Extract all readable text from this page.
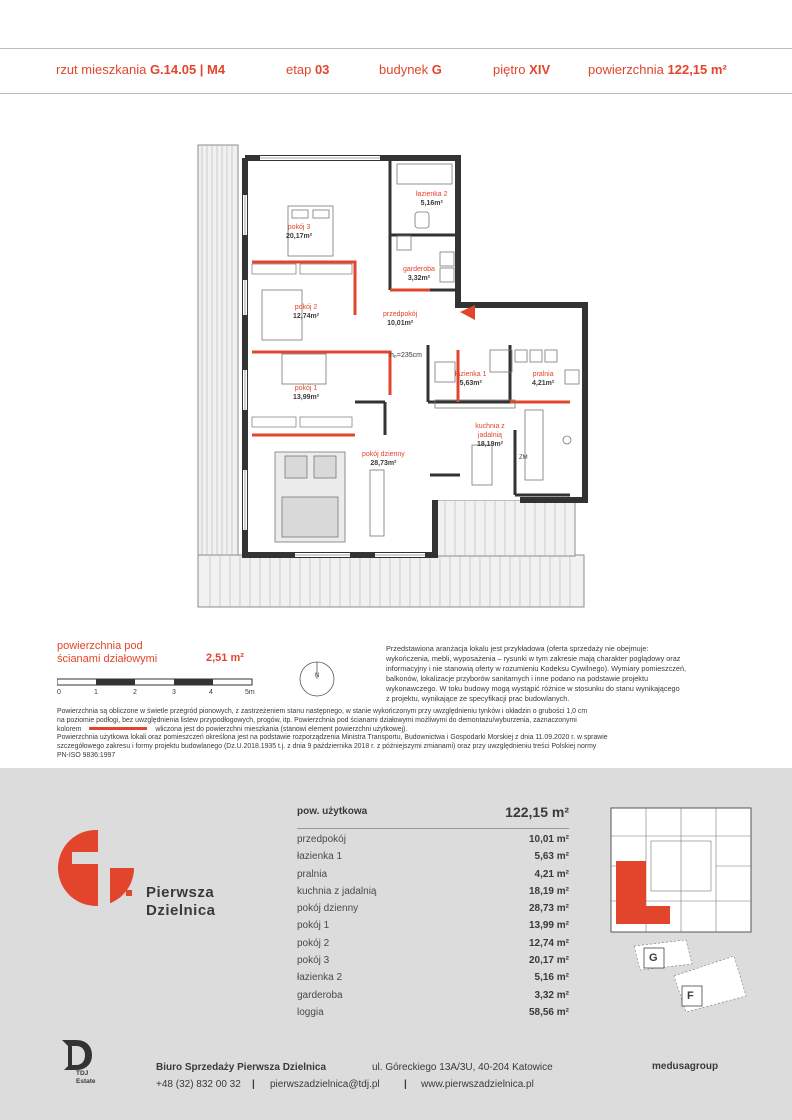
rzut mieszkania G.14.05 | M4	etap 03	budynek G	piętro XIV	powierzchnia 122,15 m²
łazienka 2
5,16m²
pokój 3
20,17m²
garderoba
3,32m²
pokój 2
12,74m²	przedpokój
10,01m²
łazienka 1
5,63m²
pralnia
4,21m²
pokój 1
13,99m²
kuchnia z jadalnią
18,19m²
pokój dzienny
28,73m²
hₚ=235cm
ZM
powierzchnia pod
ścianami działowymi	2,51 m²
0	1	2	3	4	5m
N
Przedstawiona aranżacja lokalu jest przykładowa (oferta sprzedaży nie obejmuje:
wykończenia, mebli, wyposażenia – rysunki w tym zakresie mają charakter poglądowy oraz
informacyjny i nie stanowią oferty w rozumieniu Kodeksu Cywilnego). Wymiary pomieszczeń,
balkonów, lokalizacje przyborów sanitarnych i inne podano na podstawie projektu
wykonawczego. W toku budowy mogą wystąpić różnice w stosunku do stanu wynikającego
z projektu, wynikające ze specyfikacji prac budowlanych.
Powierzchnia są obliczone w świetle przegród pionowych, z zastrzeżeniem stanu następnego, w stanie wykończonym przy uwzględnieniu tynków i okładzin o grubości 1,0 cm
na poziomie podłogi, bez uwzględnienia listew przypodłogowych, progów, itp. Powierzchnia pod ścianami działowymi możliwymi do demontażu/wyburzenia, zaznaczonymi
kolorem	wliczona jest do powierzchni mieszkania (stanowi element powierzchni użytkowej).
Powierzchnia użytkowa lokali oraz pomieszczeń określona jest na podstawie rozporządzenia Ministra Transportu, Budownictwa i Gospodarki Morskiej z dnia 11.09.2020 r. w sprawie
szczegółowego zakresu i formy projektu budowlanego (Dz.U.2018.1935 t.j. z dnia 9 października 2018 r. z późniejszymi zmianami) oraz przy uwzględnieniu treści Polskiej normy
PN-ISO 9836:1997
Pierwsza
Dzielnica
pow. użytkowa	122,15 m²
przedpokój	10,01 m²
łazienka 1	5,63 m²
pralnia	4,21 m²
kuchnia z jadalnią	18,19 m²
pokój dzienny	28,73 m²
pokój 1	13,99 m²
pokój 2	12,74 m²
pokój 3	20,17 m²
łazienka 2	5,16 m²
garderoba	3,32 m²
loggia	58,56 m²
G
F
TDJ
Estate
Biuro Sprzedaży Pierwsza Dzielnica	ul. Góreckiego 13A/3U, 40-204 Katowice
+48 (32) 832 00 32 | pierwszadzielnica@tdj.pl | www.pierwszadzielnica.pl
medusagroup
